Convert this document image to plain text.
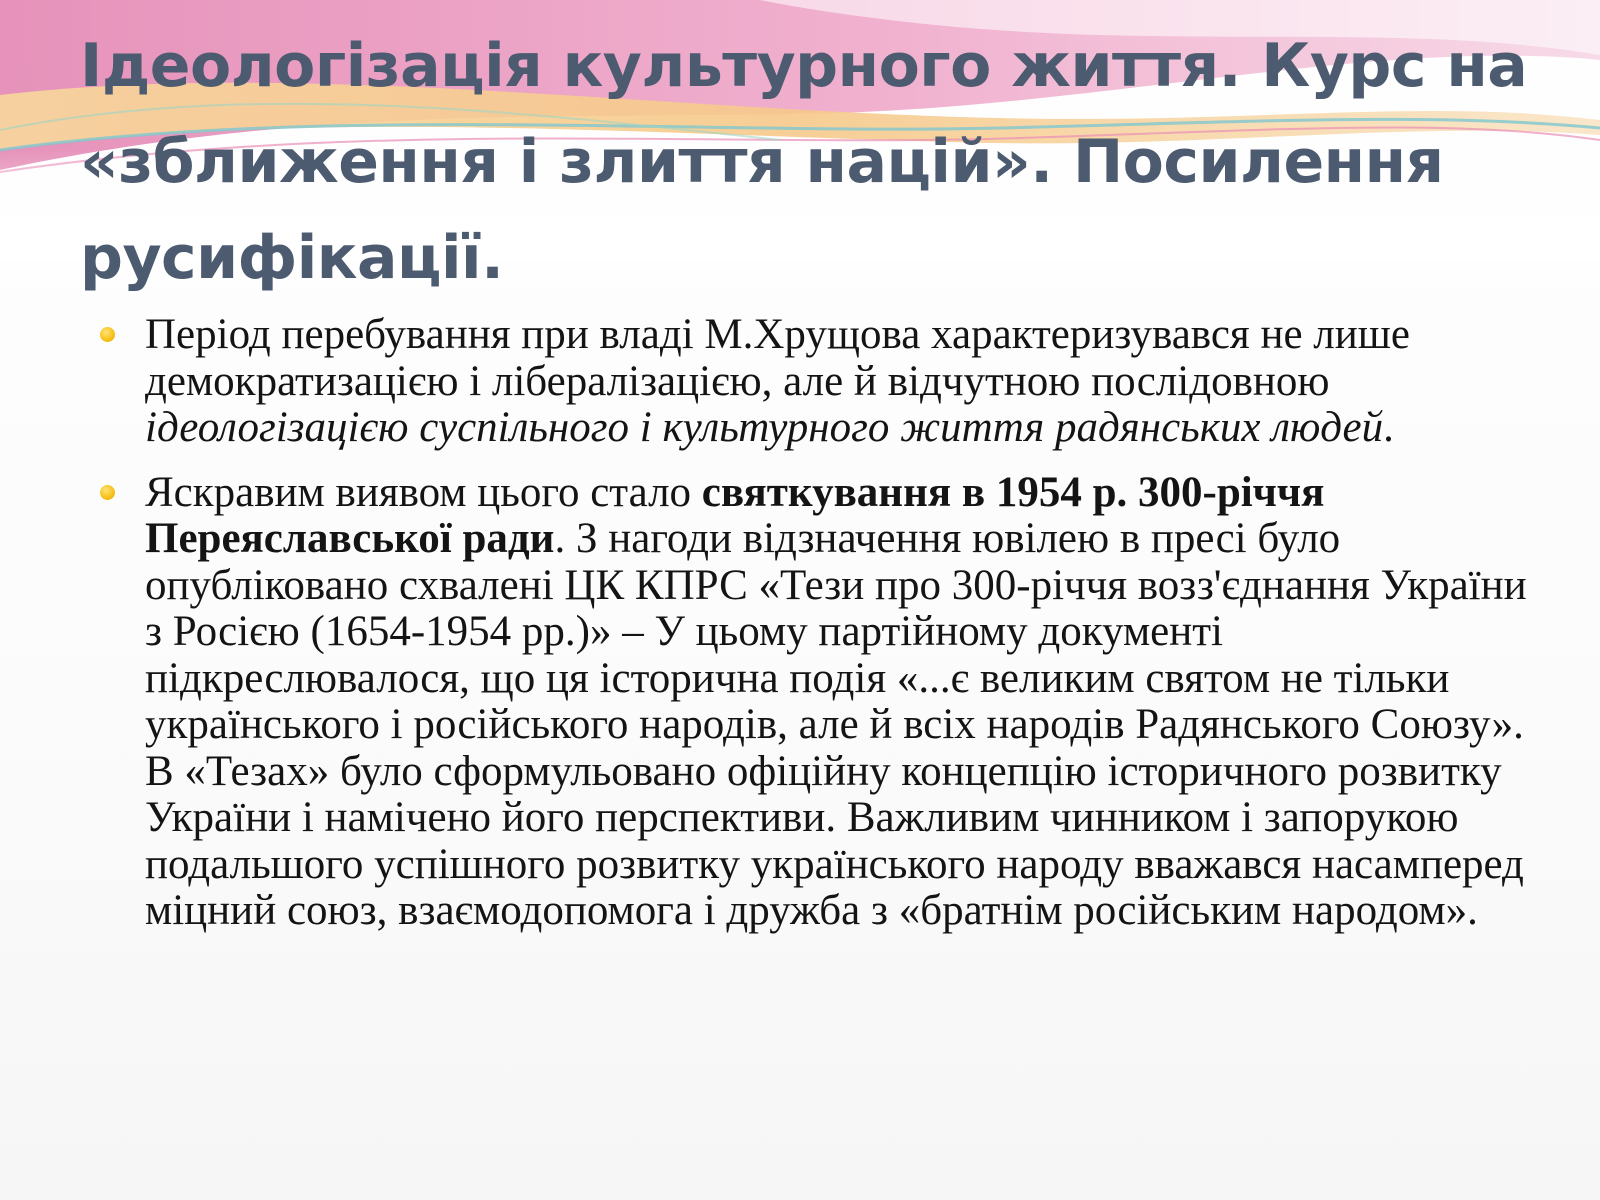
Ідеологізація культурного життя. Курс на «зближення і злиття націй». Посилення русифікації.
Період перебування при владі М.Хрущова характеризувався не лише демократизацією і лібералізацією, але й відчутною послідовною ідеологізацією суспільного і культурного життя радянських людей.
Яскравим виявом цього стало святкування в 1954 р. 300-річчя Переяславської ради. З нагоди відзначення ювілею в пресі було опубліковано схвалені ЦК КПРС «Тези про 300-річчя возз'єднання України з Росією (1654-1954 рр.)» – У цьому партійному документі підкреслювалося, що ця історична подія «...є великим святом не тільки українського і російського народів, але й всіх народів Радянського Союзу». В «Тезах» було сформульовано офіційну концепцію історичного розвитку України і намічено його перспективи. Важливим чинником і запорукою подальшого успішного розвитку українського народу вважався насамперед міцний союз, взаємодопомога і дружба з «братнім російським народом».
